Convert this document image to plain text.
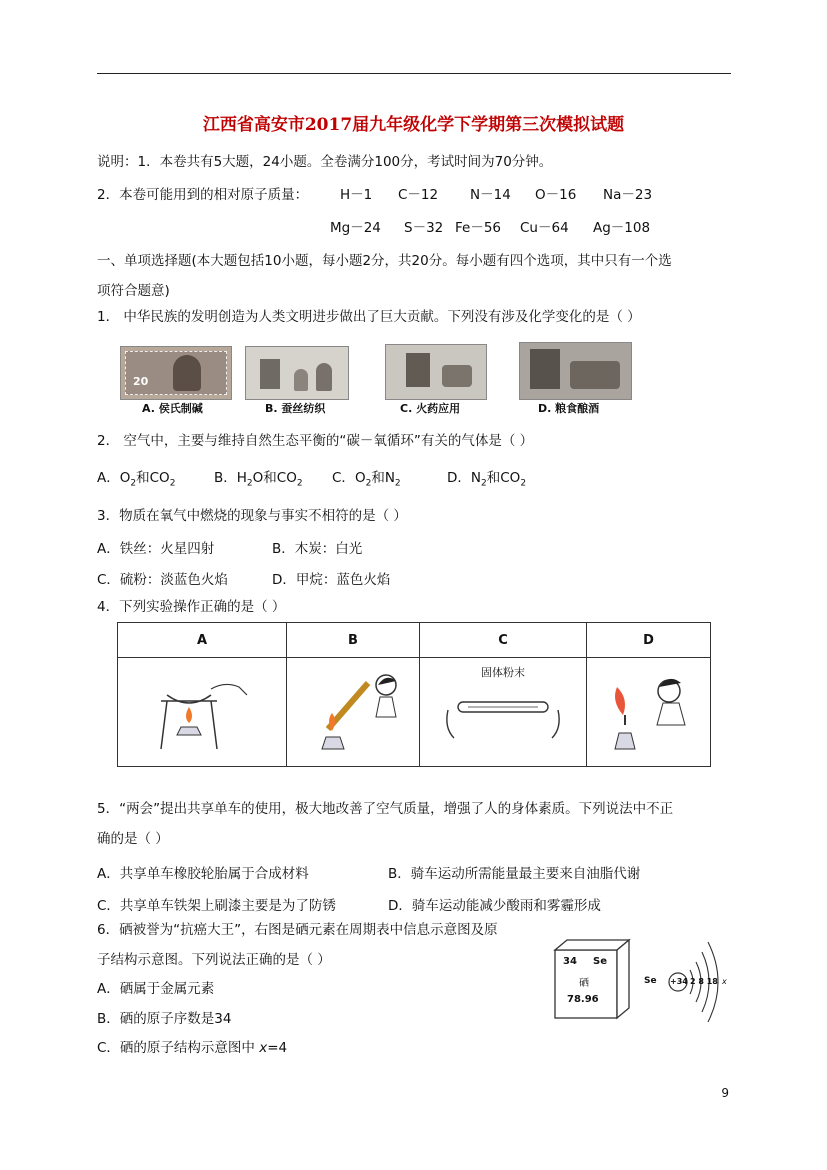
江西省高安市2017届九年级化学下学期第三次模拟试题
说明：1．本卷共有5大题，24小题。全卷满分100分，考试时间为70分钟。
2．本卷可能用到的相对原子质量： H－1 C－12 N－14 O－16 Na－23
Mg－24 S－32 Fe－56 Cu－64 Ag－108
一、单项选择题(本大题包括10小题，每小题2分，共20分。每小题有四个选项，其中只有一个选
项符合题意)
1． 中华民族的发明创造为人类文明进步做出了巨大贡献。下列没有涉及化学变化的是（ ）
20
A. 侯氏制碱	B. 蚕丝纺织	C. 火药应用	D. 粮食酿酒
2． 空气中，主要与维持自然生态平衡的“碳－氧循环”有关的气体是（ ）
A．$O_2$和$CO_2$	B．$H_2O$和$CO_2$ C．$O_2$和$N_2$	D．$N_2$和$CO_2$
3．物质在氧气中燃烧的现象与事实不相符的是（ ）
A．铁丝：火星四射	B．木炭：白光
C．硫粉：淡蓝色火焰	D．甲烷：蓝色火焰
4．下列实验操作正确的是（ ）
A	B	C	D

固体粉末

5．“两会”提出共享单车的使用，极大地改善了空气质量，增强了人的身体素质。下列说法中不正
确的是（ ）
A．共享单车橡胶轮胎属于合成材料	B．骑车运动所需能量最主要来自油脂代谢
C．共享单车铁架上刷漆主要是为了防锈	D．骑车运动能减少酸雨和雾霾形成
6．硒被誉为“抗癌大王”，右图是硒元素在周期表中信息示意图及原
子结构示意图。下列说法正确的是（ ）
A．硒属于金属元素
B．硒的原子序数是34
C．硒的原子结构示意图中 x=4
34 Se
硒
78.96
Se +34 2 8 18 x
9
